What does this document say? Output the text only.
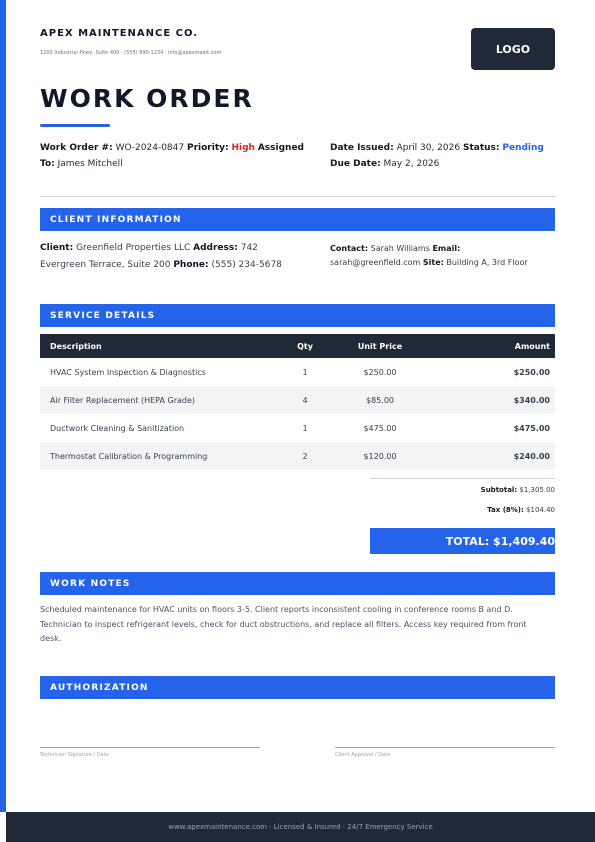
APEX MAINTENANCE CO.
1200 Industrial Pkwy, Suite 400 · (555) 890-1234 · info@apexmaint.com	LOGO
WORK ORDER
Work Order #: WO-2024-0847 Priority: High Assigned To: James Mitchell
Date Issued: April 30, 2026 Status: Pending
Due Date: May 2, 2026
CLIENT INFORMATION
Client: Greenfield Properties LLC Address: 742 Evergreen Terrace, Suite 200 Phone: (555) 234-5678
Contact: Sarah Williams Email:
sarah@greenfield.com Site: Building A, 3rd Floor
SERVICE DETAILS
Description	Qty	Unit Price	Amount
HVAC System Inspection & Diagnostics	1	$250.00	$250.00
Air Filter Replacement (HEPA Grade)	4	$85.00	$340.00
Ductwork Cleaning & Sanitization	1	$475.00	$475.00
Thermostat Calibration & Programming	2	$120.00	$240.00
Subtotal: $1,305.00
Tax (8%): $104.40
TOTAL: $1,409.40
WORK NOTES
Scheduled maintenance for HVAC units on floors 3-5. Client reports inconsistent cooling in conference rooms B and D. Technician to inspect refrigerant levels, check for duct obstructions, and replace all filters. Access key required from front desk.
AUTHORIZATION
Technician Signature / Date	Client Approval / Date
www.apexmaintenance.com · Licensed & Insured · 24/7 Emergency Service
